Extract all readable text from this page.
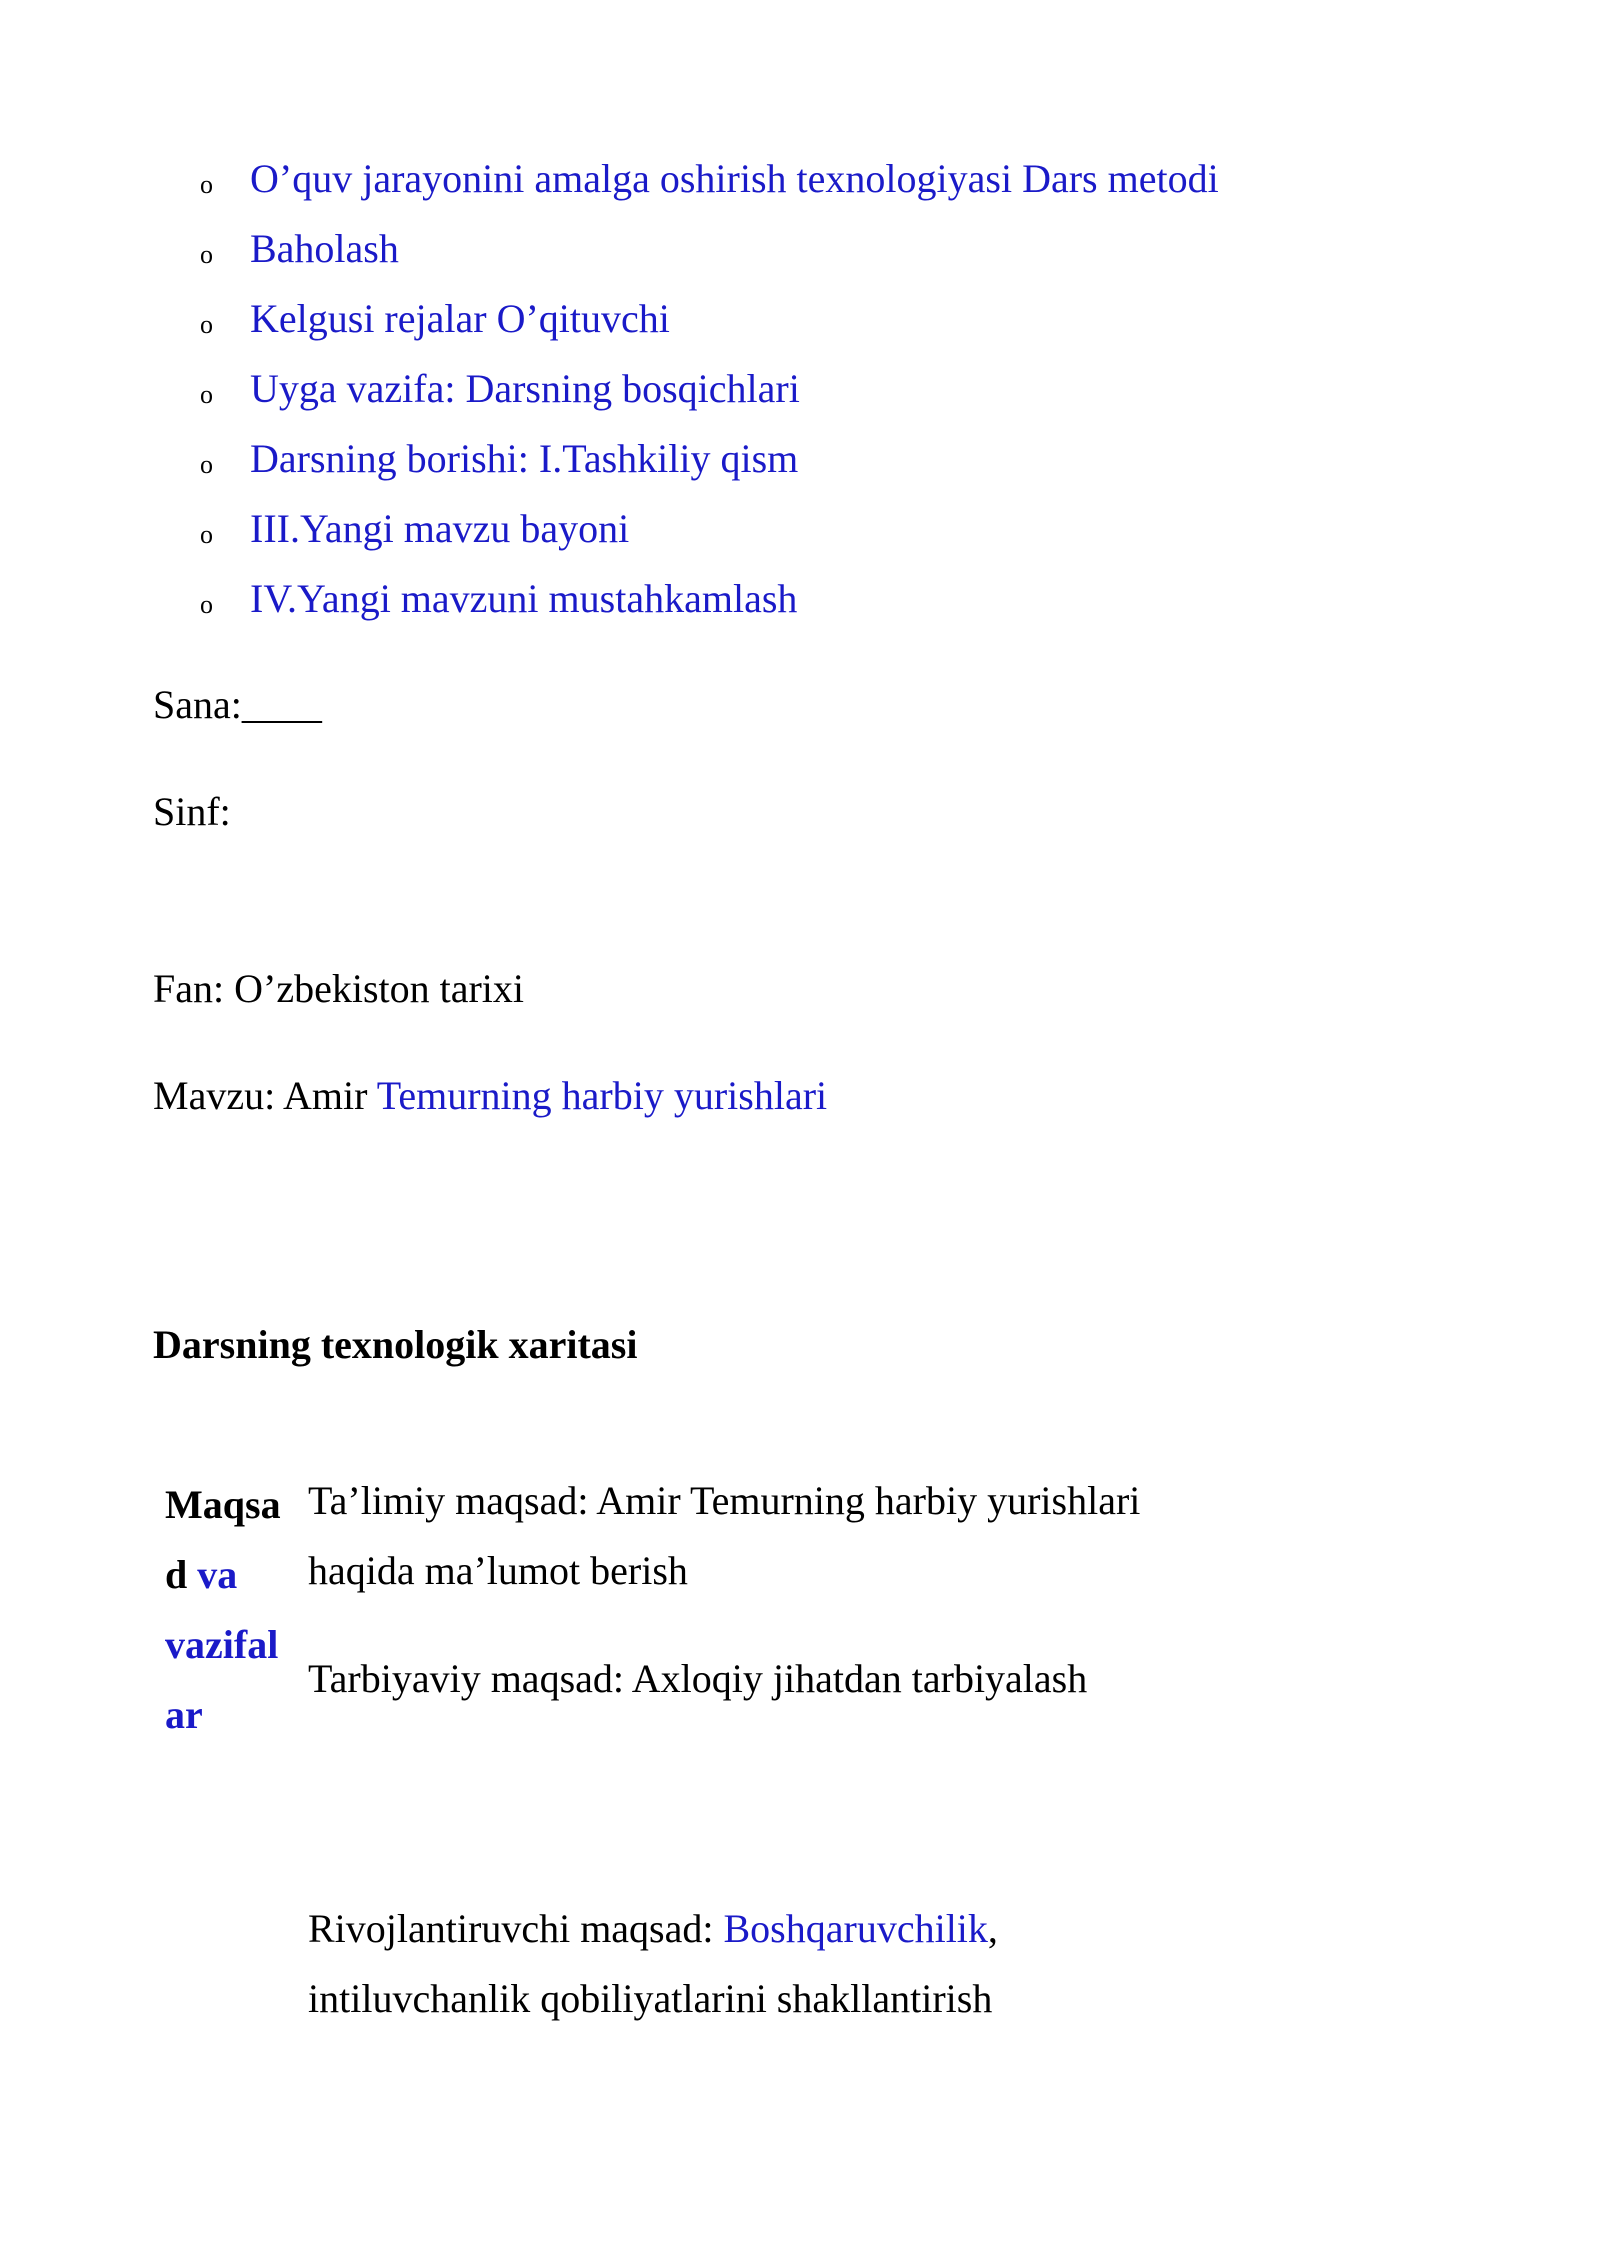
o O’quv jarayonini amalga oshirish texnologiyasi Dars metodi
o Baholash
o Kelgusi rejalar O’qituvchi
o Uyga vazifa: Darsning bosqichlari
o Darsning borishi: I.Tashkiliy qism
o III.Yangi mavzu bayoni
o IV.Yangi mavzuni mustahkamlash
Sana:____
Sinf:
Fan: O’zbekiston tarixi
Mavzu: Amir Temurning harbiy yurishlari
Darsning texnologik xaritasi
Maqsa
d va
vazifal
ar
Ta’limiy maqsad: Amir Temurning harbiy yurishlari
haqida ma’lumot berish
Tarbiyaviy maqsad: Axloqiy jihatdan tarbiyalash
Rivojlantiruvchi maqsad: Boshqaruvchilik,
intiluvchanlik qobiliyatlarini shakllantirish
